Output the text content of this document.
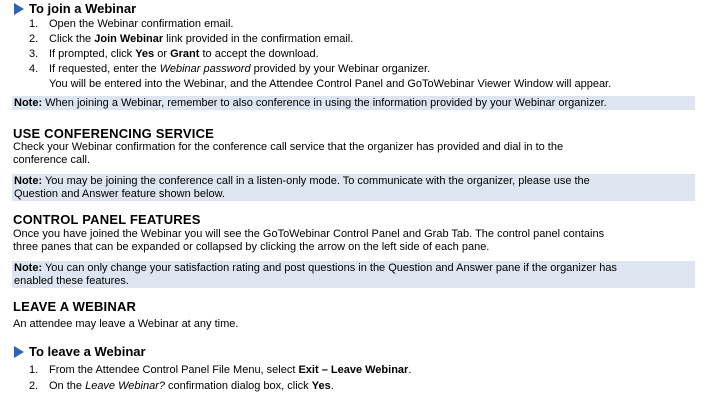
To join a Webinar
1. Open the Webinar confirmation email.
2. Click the Join Webinar link provided in the confirmation email.
3. If prompted, click Yes or Grant to accept the download.
4. If requested, enter the Webinar password provided by your Webinar organizer.
You will be entered into the Webinar, and the Attendee Control Panel and GoToWebinar Viewer Window will appear.
Note: When joining a Webinar, remember to also conference in using the information provided by your Webinar organizer.
USE CONFERENCING SERVICE
Check your Webinar confirmation for the conference call service that the organizer has provided and dial in to the
conference call.
Note: You may be joining the conference call in a listen-only mode. To communicate with the organizer, please use the
Question and Answer feature shown below.
CONTROL PANEL FEATURES
Once you have joined the Webinar you will see the GoToWebinar Control Panel and Grab Tab. The control panel contains
three panes that can be expanded or collapsed by clicking the arrow on the left side of each pane.
Note: You can only change your satisfaction rating and post questions in the Question and Answer pane if the organizer has
enabled these features.
LEAVE A WEBINAR
An attendee may leave a Webinar at any time.
To leave a Webinar
1. From the Attendee Control Panel File Menu, select Exit – Leave Webinar.
2. On the Leave Webinar? confirmation dialog box, click Yes.
